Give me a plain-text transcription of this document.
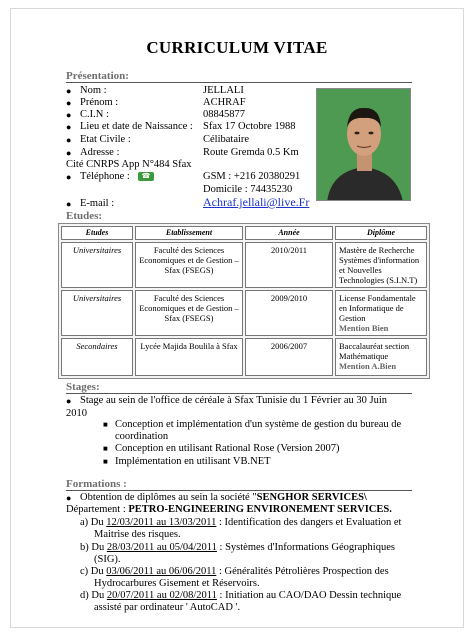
CURRICULUM VITAE
Présentation:
● Nom :	JELLALI
● Prénom :	ACHRAF
● C.I.N :	08845877
● Lieu et date de Naissance : Sfax 17 Octobre 1988
● Etat Civile :	Célibataire
● Adresse :	Route Gremda 0.5 Km
Cité CNRPS App N°484 Sfax
● Téléphone :	☎	GSM : +216 20380291
Domicile : 74435230
● E-mail :	Achraf.jellali@live.Fr
Etudes:
Etudes	Etablissement	Année	Diplôme
Universitaires	Faculté des Sciences Economiques et de Gestion –Sfax (FSEGS)	2010/2011	Mastère de Recherche Systèmes d'information et Nouvelles Technologies (S.I.N.T)
Universitaires	Faculté des Sciences Economiques et de Gestion –Sfax (FSEGS)	2009/2010	License Fondamentale en Informatique de Gestion
Mention Bien
Secondaires	Lycée Majida Boulila à Sfax	2006/2007	Baccalauréat section Mathématique
Mention A.Bien
Stages:
● Stage au sein de l'office de céréale à Sfax Tunisie du 1 Février au 30 Juin
2010
■ Conception et implémentation d'un système de gestion du bureau de
coordination
■ Conception en utilisant Rational Rose (Version 2007)
■ Implémentation en utilisant VB.NET
Formations :
● Obtention de diplômes au sein la société "SENGHOR SERVICES\
Département : PETRO-ENGINEERING ENVIRONEMENT SERVICES.
a) Du 12/03/2011 au 13/03/2011 : Identification des dangers et Evaluation et
Maitrise des risques.
b) Du 28/03/2011 au 05/04/2011 : Systèmes d'Informations Géographiques
(SIG).
c) Du 03/06/2011 au 06/06/2011 : Généralités Pétrolières Prospection des
Hydrocarbures Gisement et Réservoirs.
d) Du 20/07/2011 au 02/08/2011 : Initiation au CAO/DAO Dessin technique
assisté par ordinateur ' AutoCAD '.
